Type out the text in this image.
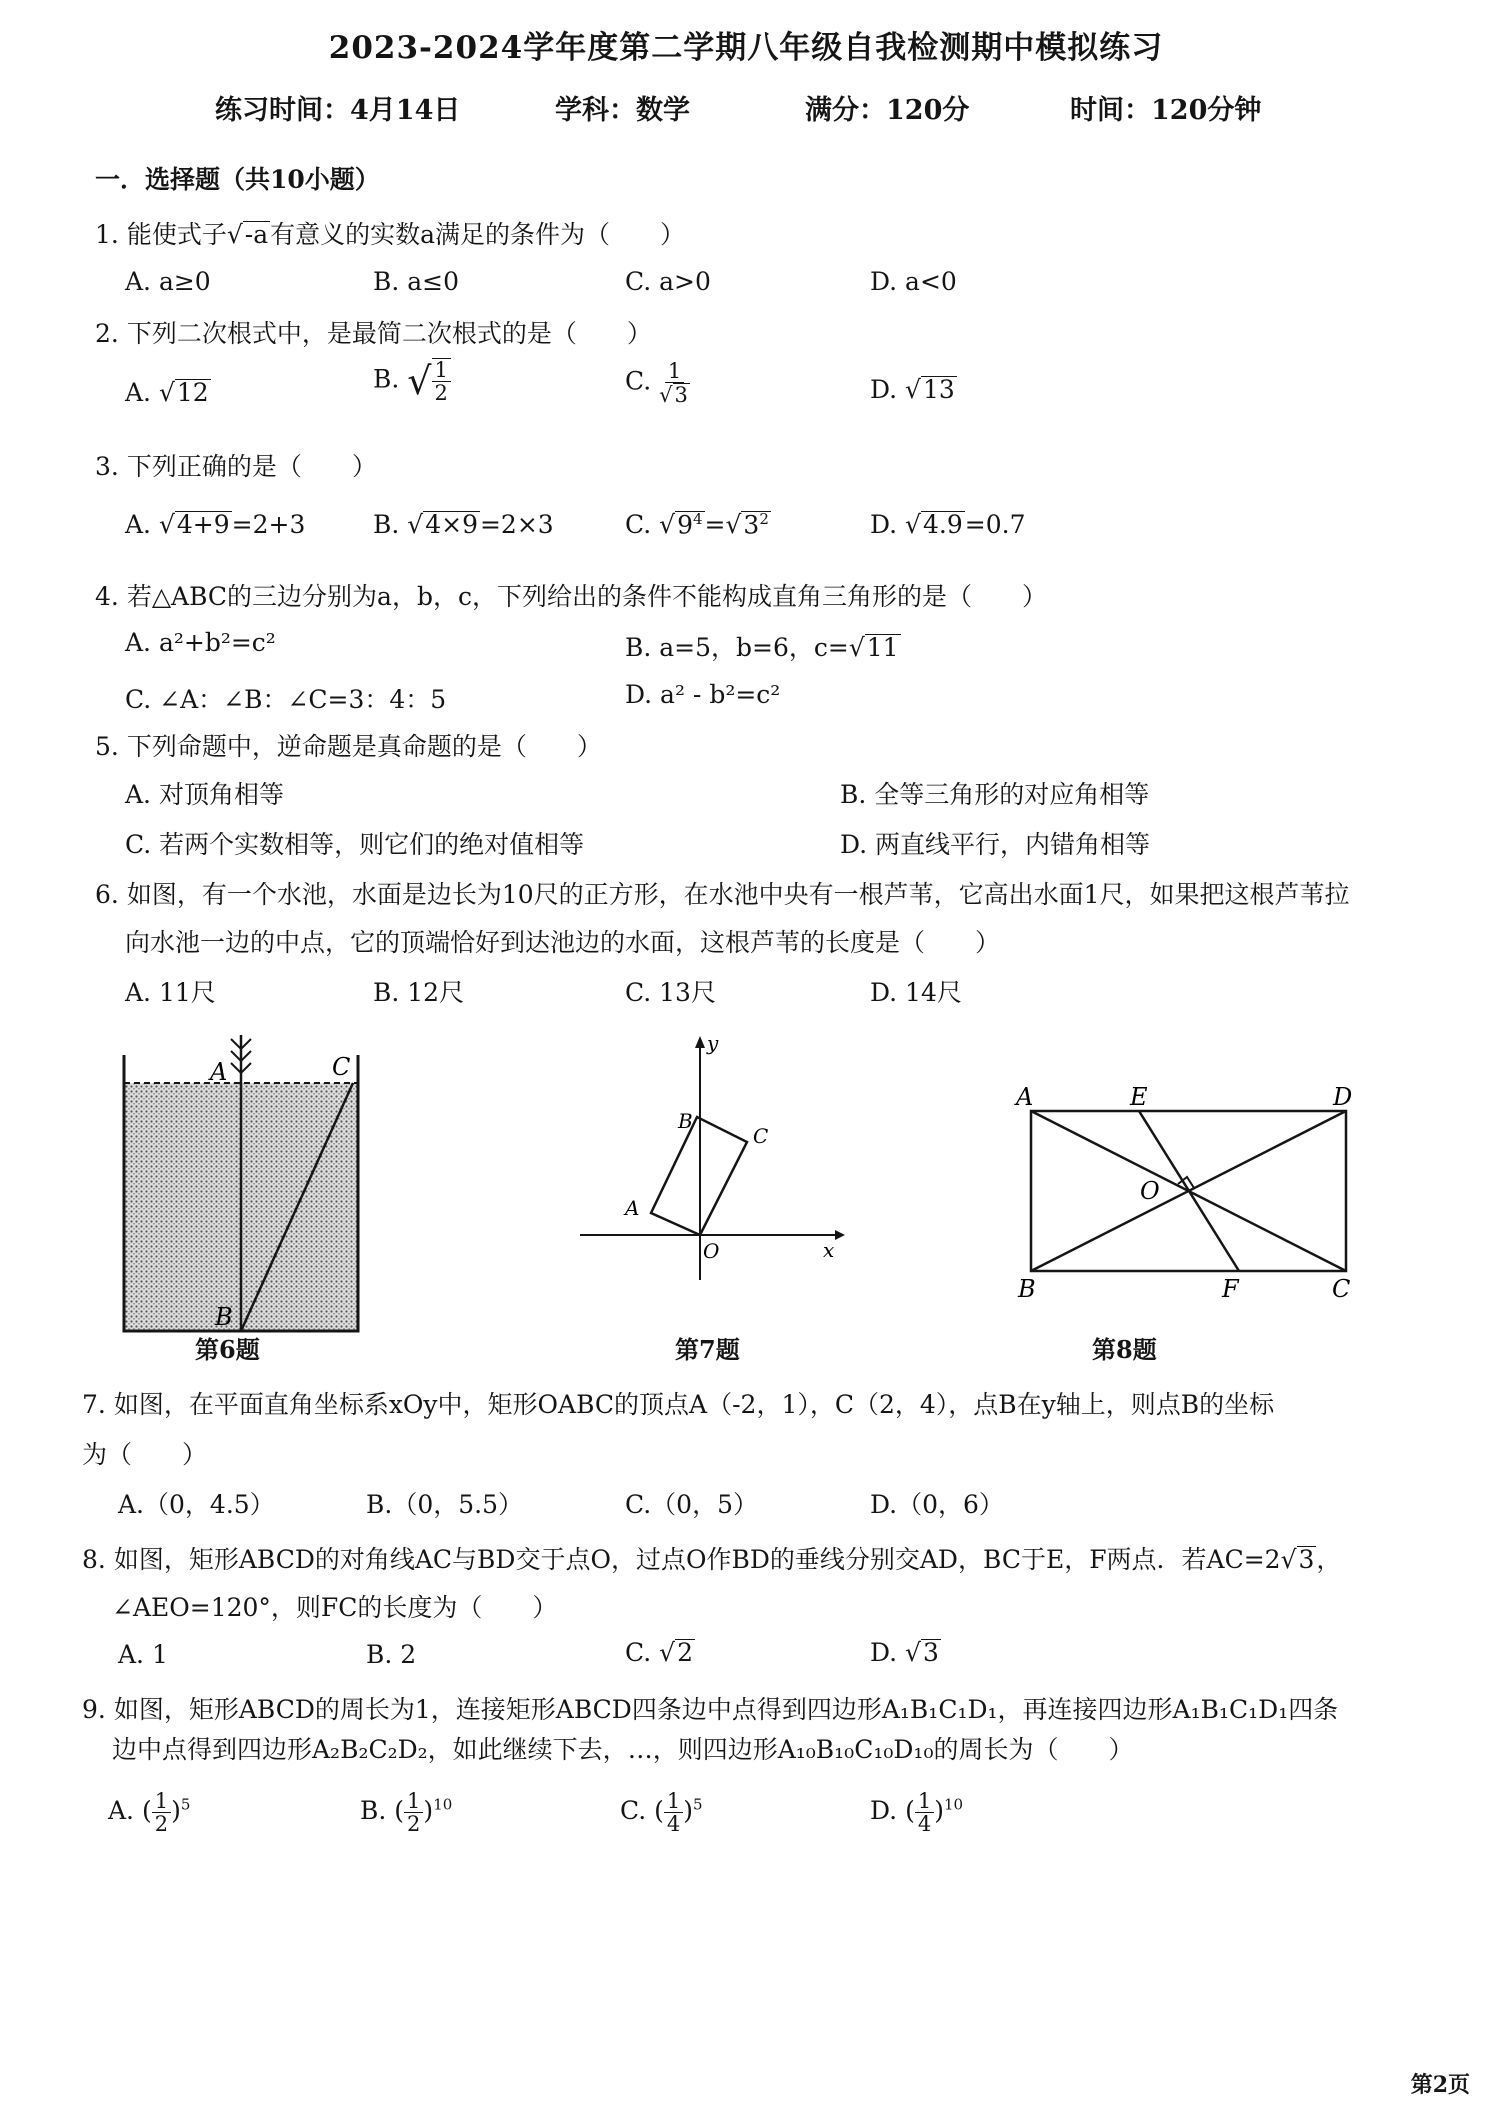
2023-2024学年度第二学期八年级自我检测期中模拟练习
练习时间：4月14日	学科：数学	满分：120分	时间：120分钟
一．选择题（共10小题）
1. 能使式子√-a有意义的实数a满足的条件为（　　）
A. a≥0	B. a≤0	C. a>0	D. a<0
2. 下列二次根式中，是最简二次根式的是（　　）
A. √12	B. √ $\frac{1}{2}$	C. $\frac{1}{√3}$	D. √13
3. 下列正确的是（　　）
A. √4+9=2+3	B. √4×9=2×3	C. $√9^4=√3^2$	D. √4.9=0.7
4. 若△ABC的三边分别为a，b，c，下列给出的条件不能构成直角三角形的是（　　）
A. a²+b²=c²	B. a=5，b=6，c=√11
C. ∠A：∠B：∠C=3：4：5	D. a² - b²=c²
5. 下列命题中，逆命题是真命题的是（　　）
A. 对顶角相等	B. 全等三角形的对应角相等
C. 若两个实数相等，则它们的绝对值相等	D. 两直线平行，内错角相等
6. 如图，有一个水池，水面是边长为10尺的正方形，在水池中央有一根芦苇，它高出水面1尺，如果把这根芦苇拉
向水池一边的中点，它的顶端恰好到达池边的水面，这根芦苇的长度是（　　）
A. 11尺	B. 12尺	C. 13尺	D. 14尺
A	C
B
第6题
y
x
O
A
B
C
第7题
A	E	D
O
B	F	C
第8题
7. 如图，在平面直角坐标系xOy中，矩形OABC的顶点A（-2，1），C（2，4），点B在y轴上，则点B的坐标
为（　　）
A.（0，4.5）	B.（0，5.5）	C.（0，5）	D.（0，6）
8. 如图，矩形ABCD的对角线AC与BD交于点O，过点O作BD的垂线分别交AD，BC于E，F两点．若AC=2√3，
∠AEO=120°，则FC的长度为（　　）
A. 1	B. 2	C. √2	D. √3
9. 如图，矩形ABCD的周长为1，连接矩形ABCD四条边中点得到四边形A₁B₁C₁D₁，再连接四边形A₁B₁C₁D₁四条
边中点得到四边形A₂B₂C₂D₂，如此继续下去，…，则四边形A₁₀B₁₀C₁₀D₁₀的周长为（　　）
A. ( $\frac{1}{2} )^5$	B. ( $\frac{1}{2} )^{10}$	C. ( $\frac{1}{4} )^5$	D. ( $\frac{1}{4} )^{10}$
第2页
